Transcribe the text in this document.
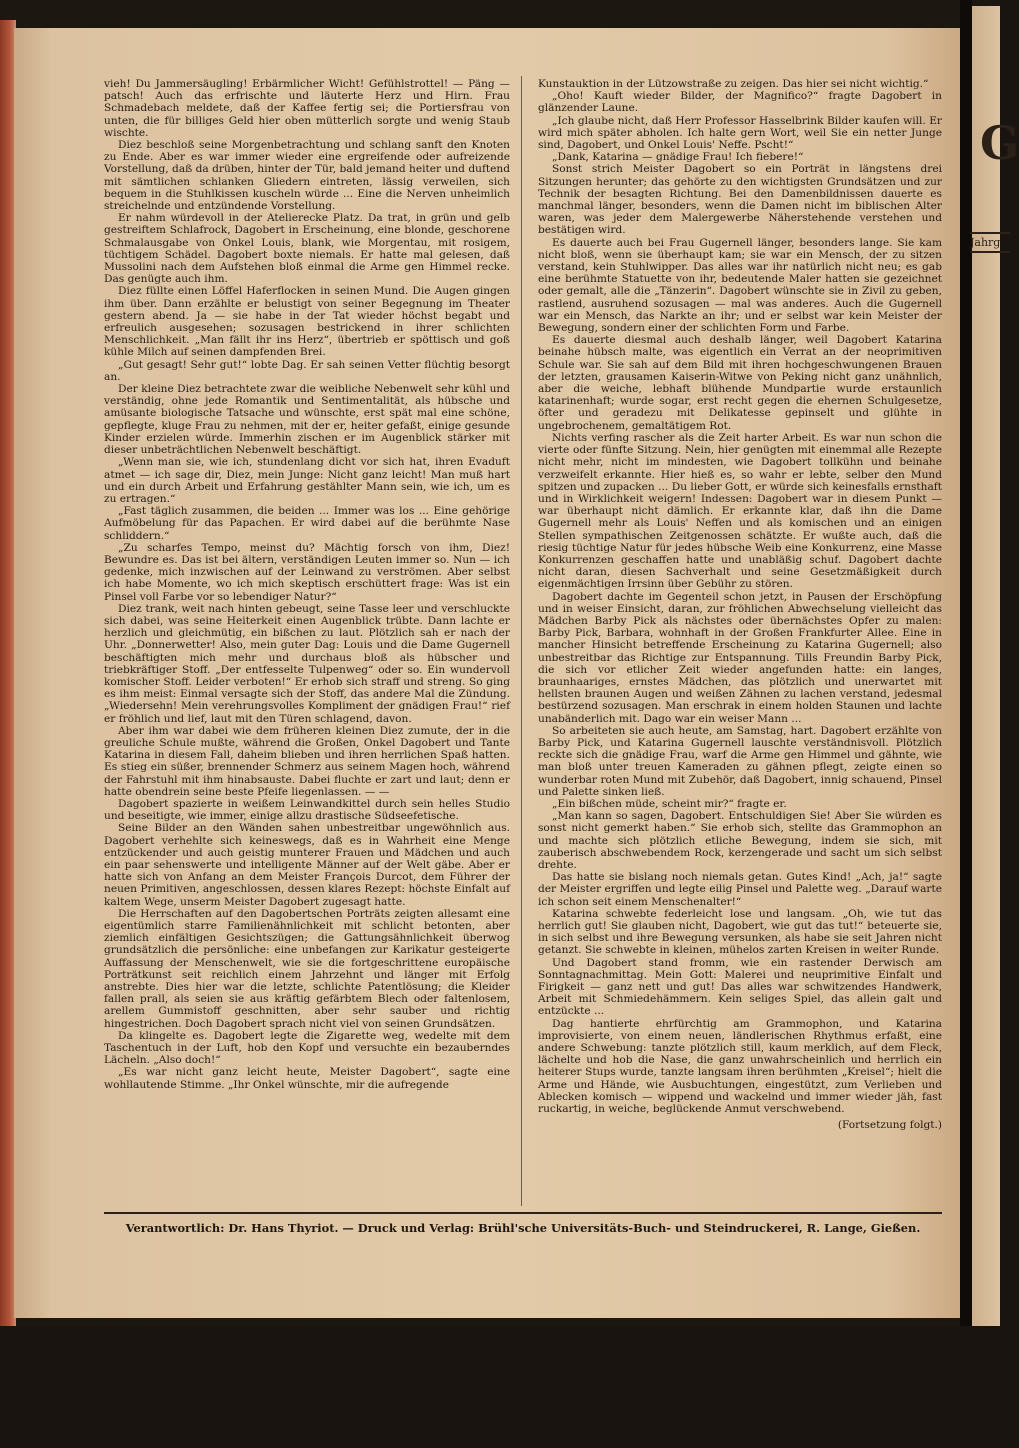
G
Jahrg

vieh! Du Jammersäugling! Erbärmlicher Wicht! Gefühlstrottel! — Päng — patsch! Auch das erfrischte und läuterte Herz und Hirn. Frau Schmadebach meldete, daß der Kaffee fertig sei; die Portiersfrau von unten, die für billiges Geld hier oben mütterlich sorgte und wenig Staub wischte.

Diez beschloß seine Morgenbetrachtung und schlang sanft den Knoten zu Ende. Aber es war immer wieder eine ergreifende oder aufreizende Vorstellung, daß da drüben, hinter der Tür, bald jemand heiter und duftend mit sämtlichen schlanken Gliedern eintreten, lässig verweilen, sich bequem in die Stuhlkissen kuscheln würde ... Eine die Nerven unheimlich streichelnde und entzündende Vorstellung.

Er nahm würdevoll in der Ateliereckе Platz. Da trat, in grün und gelb gestreiftem Schlafrock, Dagobert in Erscheinung, eine blonde, geschorene Schmalausgabe von Onkel Louis, blank, wie Morgentau, mit rosigem, tüchtigem Schädel. Dagobert boxte niemals. Er hatte mal gelesen, daß Mussolini nach dem Aufstehen bloß einmal die Arme gen Himmel recke. Das genügte auch ihm.

Diez füllte einen Löffel Haferflocken in seinen Mund. Die Augen gingen ihm über. Dann erzählte er belustigt von seiner Begegnung im Theater gestern abend. Ja — sie habe in der Tat wieder höchst begabt und erfreulich ausgesehen; sozusagen bestrickend in ihrer schlichten Menschlichkeit. „Man fällt ihr ins Herz“, übertrieb er spöttisch und goß kühle Milch auf seinen dampfenden Brei.

„Gut gesagt! Sehr gut!“ lobte Dag. Er sah seinen Vetter flüchtig besorgt an.

Der kleine Diez betrachtete zwar die weibliche Nebenwelt sehr kühl und verständig, ohne jede Romantik und Sentimentalität, als hübsche und amüsante biologische Tatsache und wünschte, erst spät mal eine schöne, gepflegte, kluge Frau zu nehmen, mit der er, heiter gefaßt, einige gesunde Kinder erzielen würde. Immerhin zischen er im Augenblick stärker mit dieser unbeträchtlichen Nebenwelt beschäftigt.

„Wenn man sie, wie ich, stundenlang dicht vor sich hat, ihren Evaduft atmet — ich sage dir, Diez, mein Junge: Nicht ganz leicht! Man muß hart und ein durch Arbeit und Erfahrung gestählter Mann sein, wie ich, um es zu ertragen.“

„Fast täglich zusammen, die beiden ... Immer was los ... Eine gehörige Aufmöbelung für das Papachen. Er wird dabei auf die berühmte Nase schliddern.“

„Zu scharfes Tempo, meinst du? Mächtig forsch von ihm, Diez! Bewundre es. Das ist bei ältern, verständigen Leuten immer so. Nun — ich gedenke, mich inzwischen auf der Leinwand zu verströmen. Aber selbst ich habe Momente, wo ich mich skeptisch erschüttert frage: Was ist ein Pinsel voll Farbe vor so lebendiger Natur?“

Diez trank, weit nach hinten gebeugt, seine Tasse leer und verschluckte sich dabei, was seine Heiterkeit einen Augenblick trübte. Dann lachte er herzlich und gleichmütig, ein bißchen zu laut. Plötzlich sah er nach der Uhr. „Donnerwetter! Also, mein guter Dag: Louis und die Dame Gugernell beschäftigten mich mehr und durchaus bloß als hübscher und triebkräftiger Stoff. „Der entfesselte Tulpenweg“ oder so. Ein wundervoll komischer Stoff. Leider verboten!“ Er erhob sich straff und streng. So ging es ihm meist: Einmal versagte sich der Stoff, das andere Mal die Zündung. „Wiedersehn! Mein verehrungsvolles Kompliment der gnädigen Frau!“ rief er fröhlich und lief, laut mit den Türen schlagend, davon.

Aber ihm war dabei wie dem früheren kleinen Diez zumute, der in die greuliche Schule mußte, während die Großen, Onkel Dagobert und Tante Katarina in diesem Fall, daheim blieben und ihren herrlichen Spaß hatten. Es stieg ein süßer, brennender Schmerz aus seinem Magen hoch, während der Fahrstuhl mit ihm hinabsauste. Dabei fluchte er zart und laut; denn er hatte obendrein seine beste Pfeife liegenlassen. — —

Dagobert spazierte in weißem Leinwandkittel durch sein helles Studio und beseitigte, wie immer, einige allzu drastische Südseefetische.

Seine Bilder an den Wänden sahen unbestreitbar ungewöhnlich aus. Dagobert verhehlte sich keineswegs, daß es in Wahrheit eine Menge entzückender und auch geistig munterer Frauen und Mädchen und auch ein paar sehenswerte und intelligente Männer auf der Welt gäbe. Aber er hatte sich von Anfang an dem Meister François Durcot, dem Führer der neuen Primitiven, angeschlossen, dessen klares Rezept: höchste Einfalt auf kaltem Wege, unserm Meister Dagobert zugesagt hatte.

Die Herrschaften auf den Dagobertschen Porträts zeigten allesamt eine eigentümlich starre Familienähnlichkeit mit schlicht betonten, aber ziemlich einfältigen Gesichtszügen; die Gattungsähnlichkeit überwog grundsätzlich die persönliche: eine unbefangen zur Karikatur gesteigerte Auffassung der Menschenwelt, wie sie die fortgeschrittene europäische Porträtkunst seit reichlich einem Jahrzehnt und länger mit Erfolg anstrebte. Dies hier war die letzte, schlichte Patentlösung; die Kleider fallen prall, als seien sie aus kräftig gefärbtem Blech oder faltenlosem, arellem Gummistoff geschnitten, aber sehr sauber und richtig hingestrichen. Doch Dagobert sprach nicht viel von seinen Grundsätzen.

Da klingelte es. Dagobert legte die Zigarette weg, wedelte mit dem Taschentuch in der Luft, hob den Kopf und versuchte ein bezauberndes Lächeln. „Also doch!“

„Es war nicht ganz leicht heute, Meister Dagobert“, sagte eine wohllautende Stimme. „Ihr Onkel wünschte, mir die aufregende

Kunstauktion in der Lützowstraße zu zeigen. Das hier sei nicht wichtig.“

„Oho! Kauft wieder Bilder, der Magnifico?“ fragte Dagobert in glänzender Laune.

„Ich glaube nicht, daß Herr Professor Hasselbrink Bilder kaufen will. Er wird mich später abholen. Ich halte gern Wort, weil Sie ein netter Junge sind, Dagobert, und Onkel Louis' Neffe. Pscht!“

„Dank, Katarina — gnädige Frau! Ich fiebere!“

Sonst strich Meister Dagobert so ein Porträt in längstens drei Sitzungen herunter; das gehörte zu den wichtigsten Grundsätzen und zur Technik der besagten Richtung. Bei den Damenbildnissen dauerte es manchmal länger, besonders, wenn die Damen nicht im biblischen Alter waren, was jeder dem Malergewerbe Näherstehende verstehen und bestätigen wird.

Es dauerte auch bei Frau Gugernell länger, besonders lange. Sie kam nicht bloß, wenn sie überhaupt kam; sie war ein Mensch, der zu sitzen verstand, kein Stuhlwipper. Das alles war ihr natürlich nicht neu; es gab eine berühmte Statuette von ihr, bedeutende Maler hatten sie gezeichnet oder gemalt, alle die „Tänzerin“. Dagobert wünschte sie in Zivil zu geben, rastlend, ausruhend sozusagen — mal was anderes. Auch die Gugernell war ein Mensch, das Narkte an ihr; und er selbst war kein Meister der Bewegung, sondern einer der schlichten Form und Farbe.

Es dauerte diesmal auch deshalb länger, weil Dagobert Katarina beinahe hübsch malte, was eigentlich ein Verrat an der neoprimitiven Schule war. Sie sah auf dem Bild mit ihren hochgeschwungenen Brauen der letzten, grausamen Kaiserin-Witwe von Peking nicht ganz unähnlich, aber die weiche, lebhaft blühende Mundpartie wurde erstaunlich katarinenhaft; wurde sogar, erst recht gegen die ehernen Schulgesetze, öfter und geradezu mit Delikatesse gepinselt und glühte in ungebrochenem, gemaltätigem Rot.

Nichts verfing rascher als die Zeit harter Arbeit. Es war nun schon die vierte oder fünfte Sitzung. Nein, hier genügten mit einemmal alle Rezepte nicht mehr, nicht im mindesten, wie Dagobert tollkühn und beinahe verzweifelt erkannte. Hier hieß es, so wahr er lebte, selber den Mund spitzen und zupacken ... Du lieber Gott, er würde sich keinesfalls ernsthaft und in Wirklichkeit weigern! Indessen: Dagobert war in diesem Punkt — war überhaupt nicht dämlich. Er erkannte klar, daß ihn die Dame Gugernell mehr als Louis' Neffen und als komischen und an einigen Stellen sympathischen Zeitgenossen schätzte. Er wußte auch, daß die riesig tüchtige Natur für jedes hübsche Weib eine Konkurrenz, eine Masse Konkurrenzen geschaffen hatte und unabläßig schuf. Dagobert dachte nicht daran, diesen Sachverhalt und seine Gesetzmäßigkeit durch eigenmächtigen Irrsinn über Gebühr zu stören.

Dagobert dachte im Gegenteil schon jetzt, in Pausen der Erschöpfung und in weiser Einsicht, daran, zur fröhlichen Abwechselung vielleicht das Mädchen Barby Pick als nächstes oder übernächstes Opfer zu malen: Barby Pick, Barbara, wohnhaft in der Großen Frankfurter Allee. Eine in mancher Hinsicht betreffende Erscheinung zu Katarina Gugernell; also unbestreitbar das Richtige zur Entspannung. Tills Freundin Barby Pick, die sich vor etlicher Zeit wieder angefunden hatte: ein langes, braunhaariges, ernstes Mädchen, das plötzlich und unerwartet mit hellsten braunen Augen und weißen Zähnen zu lachen verstand, jedesmal bestürzend sozusagen. Man erschrak in einem holden Staunen und lachte unabänderlich mit. Dago war ein weiser Mann ...

So arbeiteten sie auch heute, am Samstag, hart. Dagobert erzählte von Barby Pick, und Katarina Gugernell lauschte verständnisvoll. Plötzlich reckte sich die gnädige Frau, warf die Arme gen Himmel und gähnte, wie man bloß unter treuen Kameraden zu gähnen pflegt, zeigte einen so wunderbar roten Mund mit Zubehör, daß Dagobert, innig schauend, Pinsel und Palette sinken ließ.

„Ein bißchen müde, scheint mir?“ fragte er.

„Man kann so sagen, Dagobert. Entschuldigen Sie! Aber Sie würden es sonst nicht gemerkt haben.“ Sie erhob sich, stellte das Grammophon an und machte sich plötzlich etliche Bewegung, indem sie sich, mit zauberisch abschwebendem Rock, kerzengerade und sacht um sich selbst drehte.

Das hatte sie bislang noch niemals getan. Gutes Kind! „Ach, ja!“ sagte der Meister ergriffen und legte eilig Pinsel und Palette weg. „Darauf warte ich schon seit einem Menschenalter!“

Katarina schwebte federleicht lose und langsam. „Oh, wie tut das herrlich gut! Sie glauben nicht, Dagobert, wie gut das tut!“ beteuerte sie, in sich selbst und ihre Bewegung versunken, als habe sie seit Jahren nicht getanzt. Sie schwebte in kleinen, mühelos zarten Kreisen in weiter Runde.

Und Dagobert stand fromm, wie ein rastender Derwisch am Sonntagnachmittag. Mein Gott: Malerei und neuprimitive Einfalt und Firigkeit — ganz nett und gut! Das alles war schwitzendes Handwerk, Arbeit mit Schmiedehämmern. Kein seliges Spiel, das allein galt und entzückte ...

Dag hantierte ehrfürchtig am Grammophon, und Katarina improvisierte, von einem neuen, ländlerischen Rhythmus erfaßt, eine andere Schwebung: tanzte plötzlich still, kaum merklich, auf dem Fleck, lächelte und hob die Nase, die ganz unwahrscheinlich und herrlich ein heiterer Stups wurde, tanzte langsam ihren berühmten „Kreisel“; hielt die Arme und Hände, wie Ausbuchtungen, eingestützt, zum Verlieben und Ablecken komisch — wippend und wackelnd und immer wieder jäh, fast ruckartig, in weiche, beglückende Anmut verschwebend.

(Fortsetzung folgt.)

Verantwortlich: Dr. Hans Thyriot. — Druck und Verlag: Brühl'sche Universitäts-Buch- und Steindruckerei, R. Lange, Gießen.
